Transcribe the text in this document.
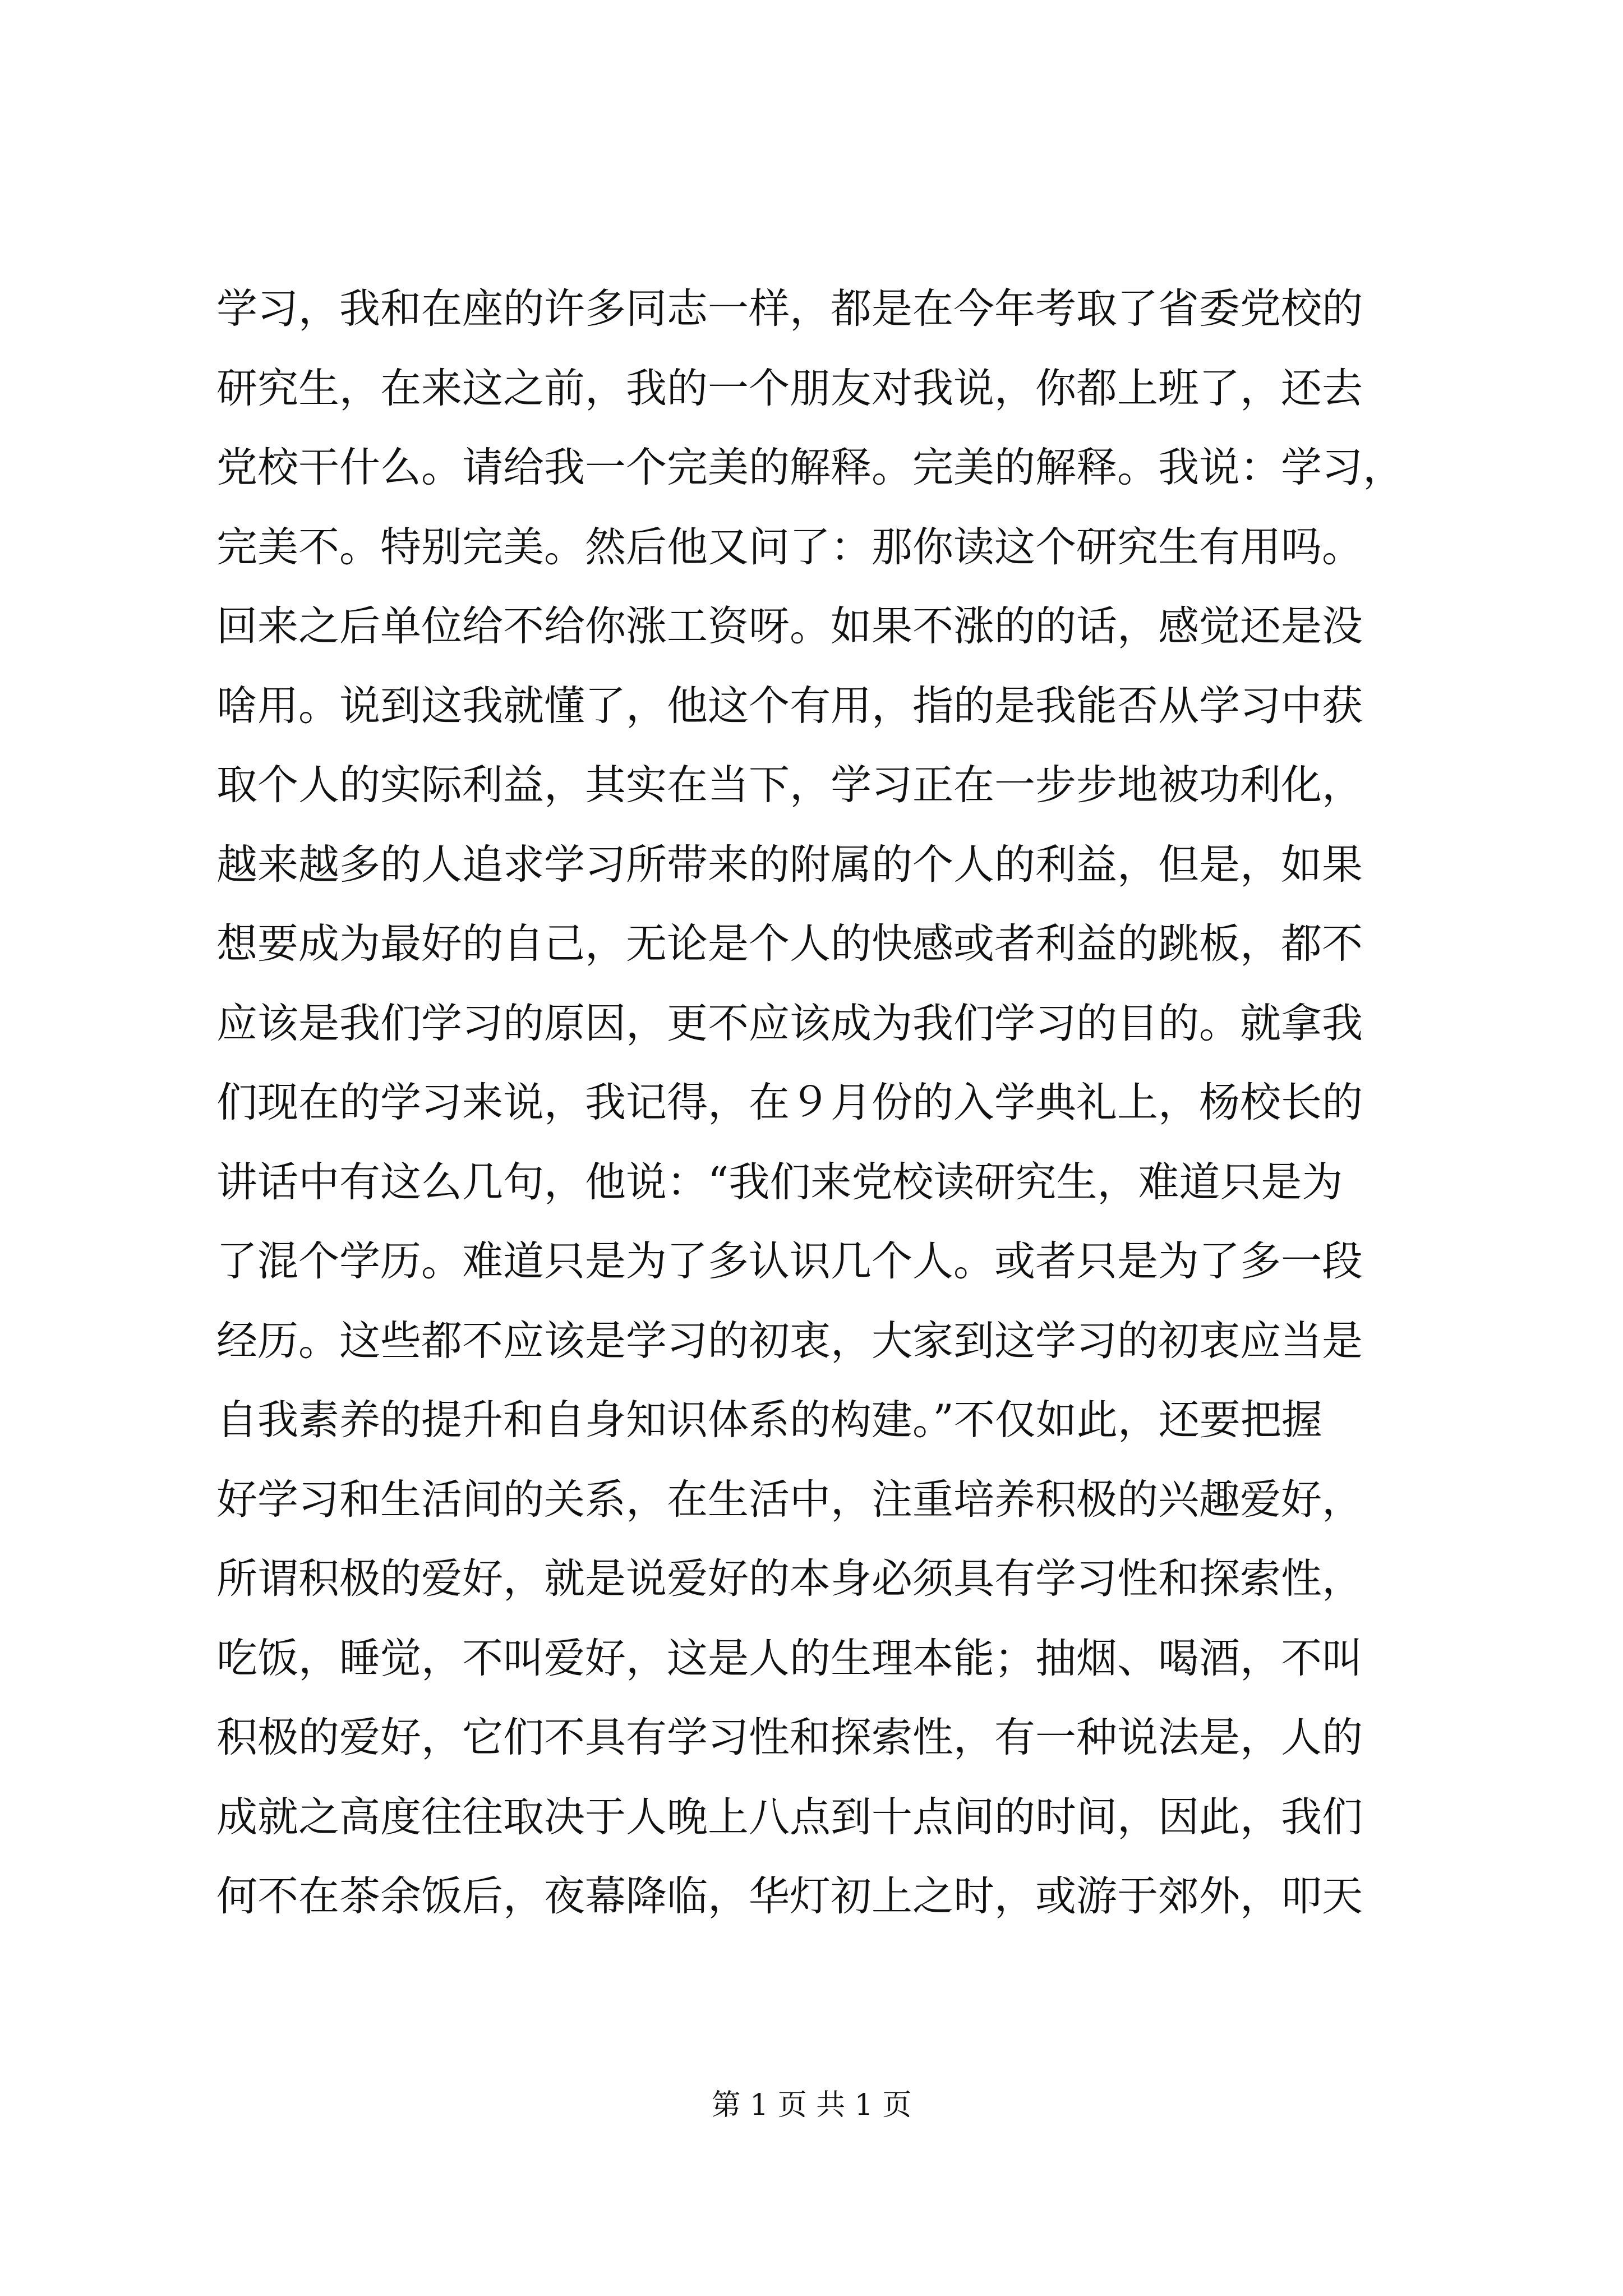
学习，我和在座的许多同志一样，都是在今年考取了省委党校的
研究生，在来这之前，我的一个朋友对我说，你都上班了，还去
党校干什么。请给我一个完美的解释。完美的解释。我说：学习，
完美不。特别完美。然后他又问了：那你读这个研究生有用吗。
回来之后单位给不给你涨工资呀。如果不涨的的话，感觉还是没
啥用。说到这我就懂了，他这个有用，指的是我能否从学习中获
取个人的实际利益，其实在当下，学习正在一步步地被功利化，
越来越多的人追求学习所带来的附属的个人的利益，但是，如果
想要成为最好的自己，无论是个人的快感或者利益的跳板，都不
应该是我们学习的原因，更不应该成为我们学习的目的。就拿我
们现在的学习来说，我记得，在９月份的入学典礼上，杨校长的
讲话中有这么几句，他说：“我们来党校读研究生，难道只是为
了混个学历。难道只是为了多认识几个人。或者只是为了多一段
经历。这些都不应该是学习的初衷，大家到这学习的初衷应当是
自我素养的提升和自身知识体系的构建。”不仅如此，还要把握
好学习和生活间的关系，在生活中，注重培养积极的兴趣爱好，
所谓积极的爱好，就是说爱好的本身必须具有学习性和探索性，
吃饭，睡觉，不叫爱好，这是人的生理本能；抽烟、喝酒，不叫
积极的爱好，它们不具有学习性和探索性，有一种说法是，人的
成就之高度往往取决于人晚上八点到十点间的时间，因此，我们
何不在茶余饭后，夜幕降临，华灯初上之时，或游于郊外，叩天
第 1 页 共 1 页
